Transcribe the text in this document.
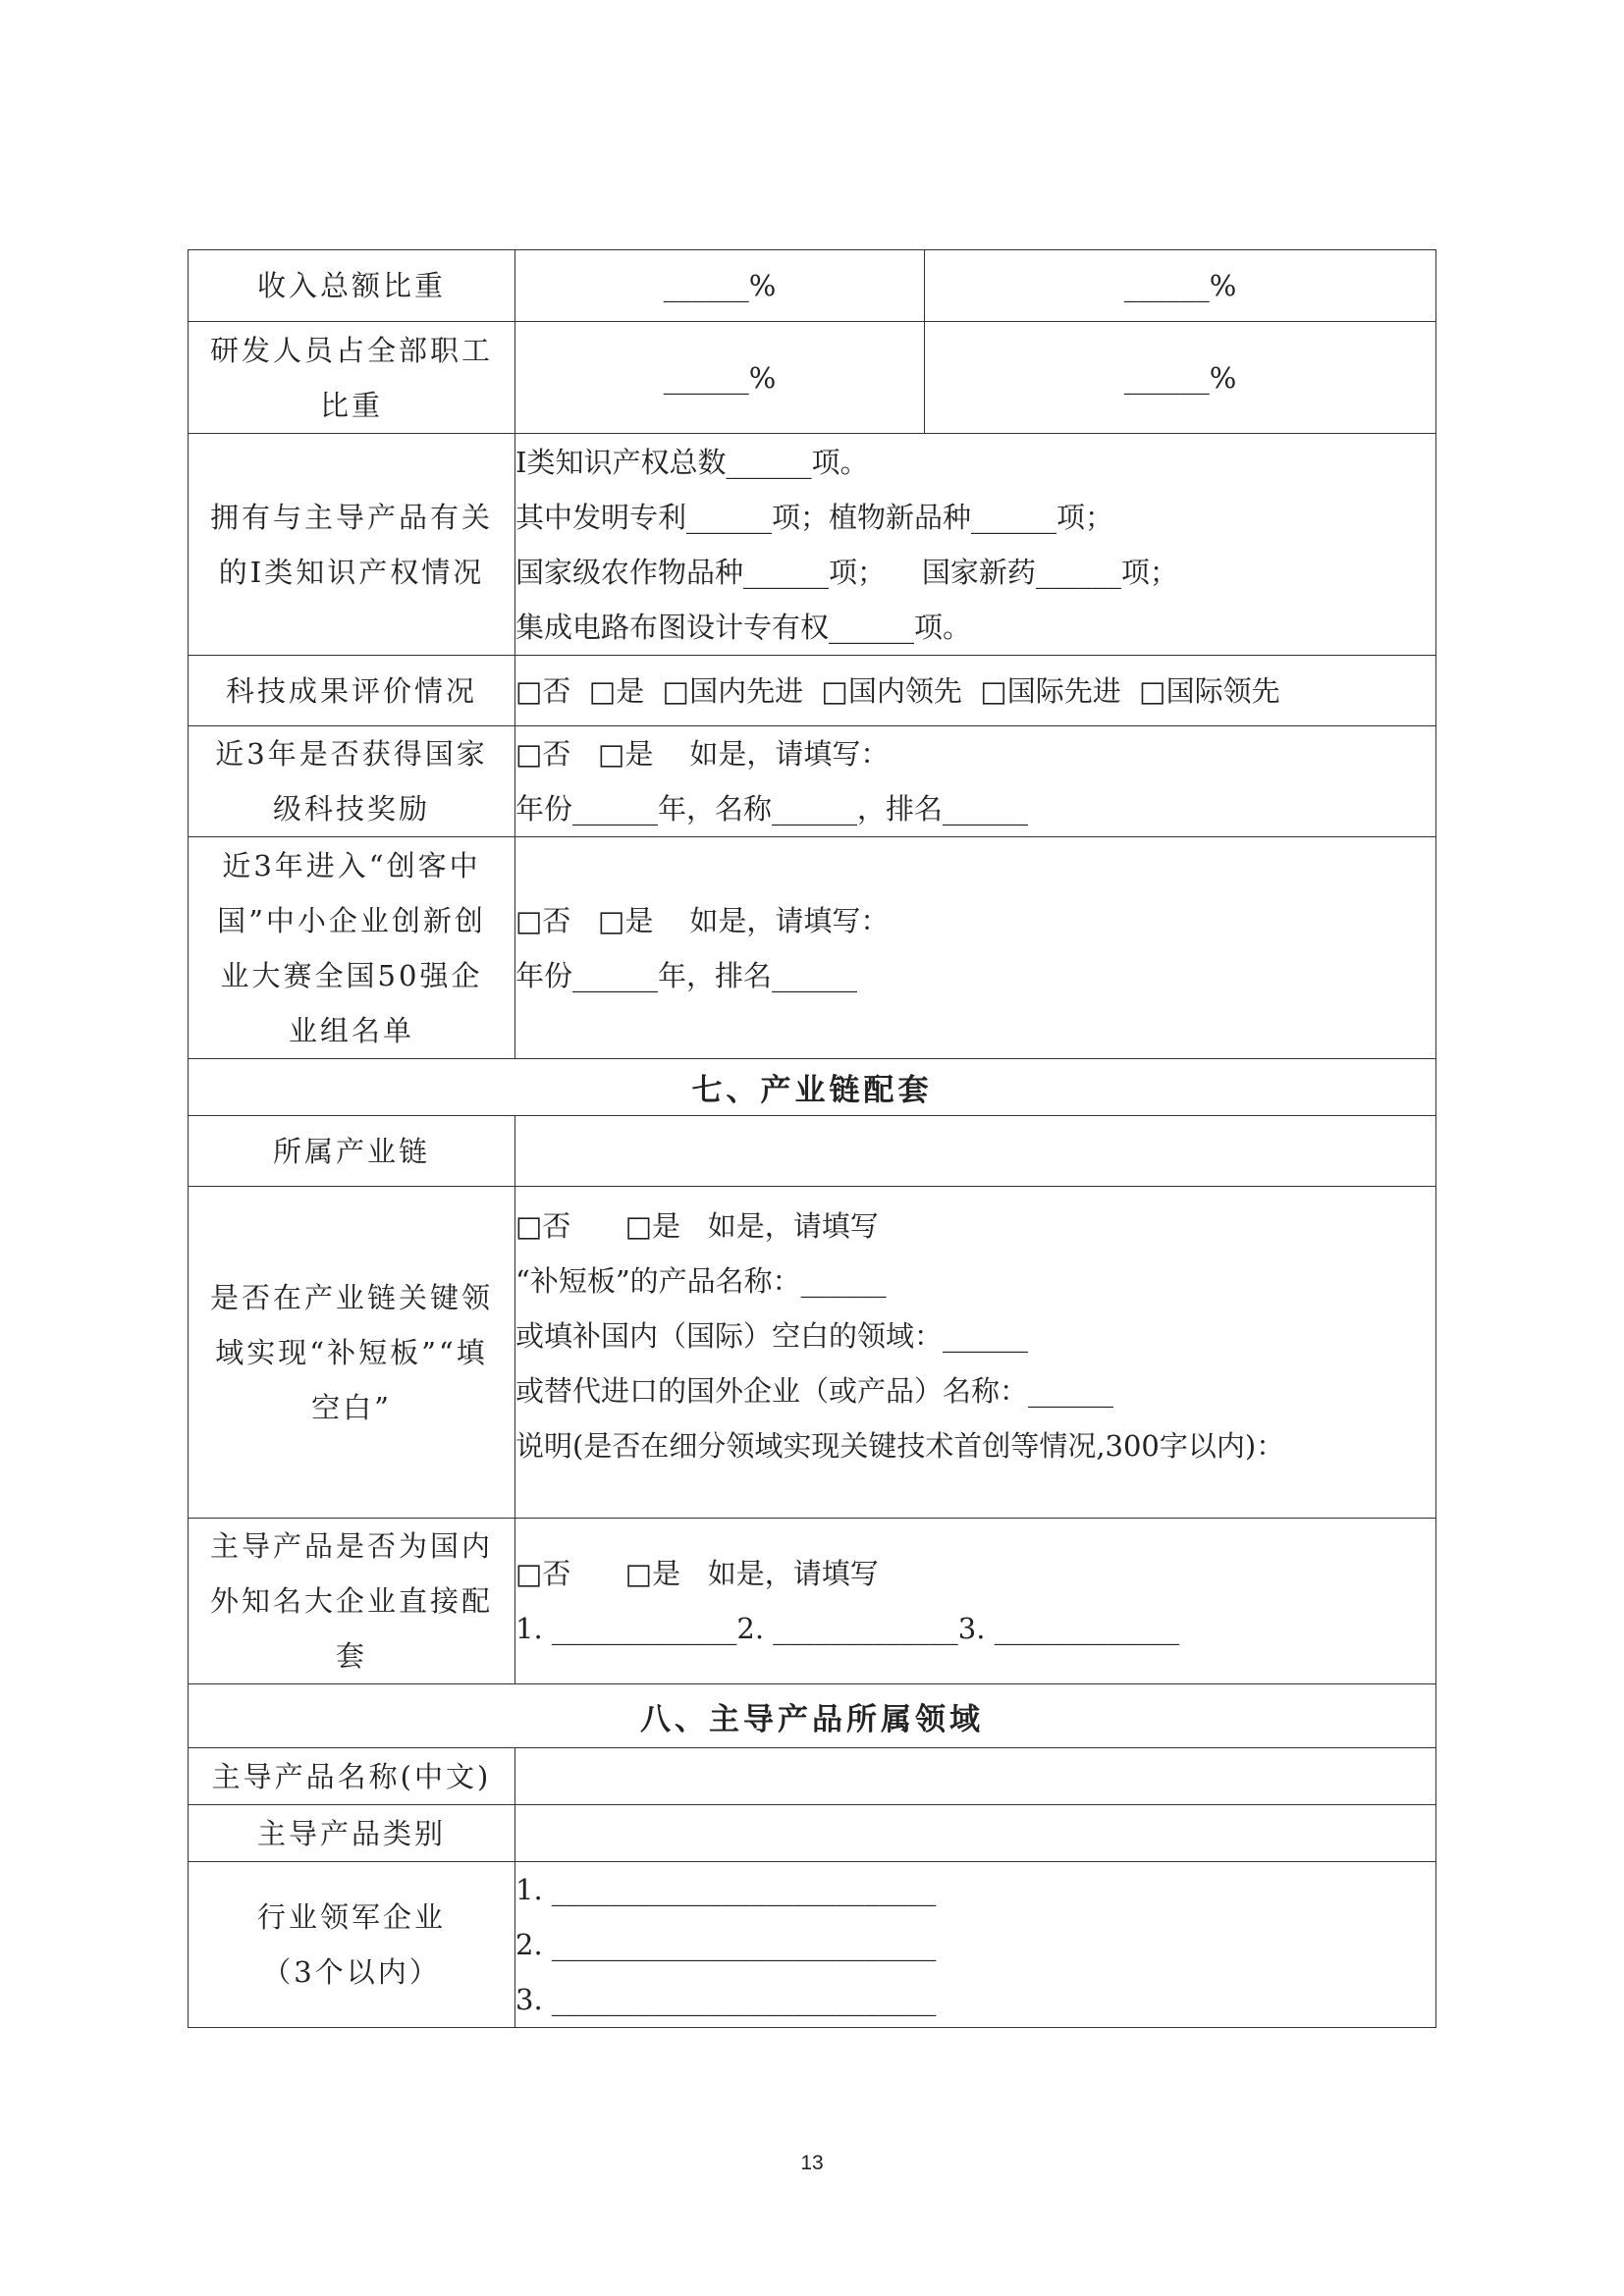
收入总额比重	______%	______%

研发人员占全部职工
比重	______%	______%

拥有与主导产品有关
的Ⅰ类知识产权情况	Ⅰ类知识产权总数______项。
其中发明专利______项；植物新品种______项；
国家级农作物品种______项；    国家新药______项；
集成电路布图设计专有权______项。	

科技成果评价情况	□否  □是  □国内先进  □国内领先  □国际先进  □国际领先	

近3年是否获得国家
级科技奖励	□否   □是    如是，请填写：
年份______年，名称______，排名______	

近3年进入“创客中
国”中小企业创新创
业大赛全国50强企
业组名单	□否   □是    如是，请填写：
年份______年，排名______	

七、产业链配套		
所属产业链		

是否在产业链关键领
域实现“补短板”“填
空白”	□否      □是   如是，请填写
“补短板”的产品名称：______
或填补国内（国际）空白的领域：______
或替代进口的国外企业（或产品）名称：______
说明(是否在细分领域实现关键技术首创等情况,300字以内)：	

主导产品是否为国内
外知名大企业直接配
套	□否      □是   如是，请填写
1. _____________2. _____________3. _____________	

八、主导产品所属领域		
主导产品名称(中文)		
主导产品类别		

行业领军企业
（3个以内）	1. ___________________________
2. ___________________________
3. ___________________________	
13
